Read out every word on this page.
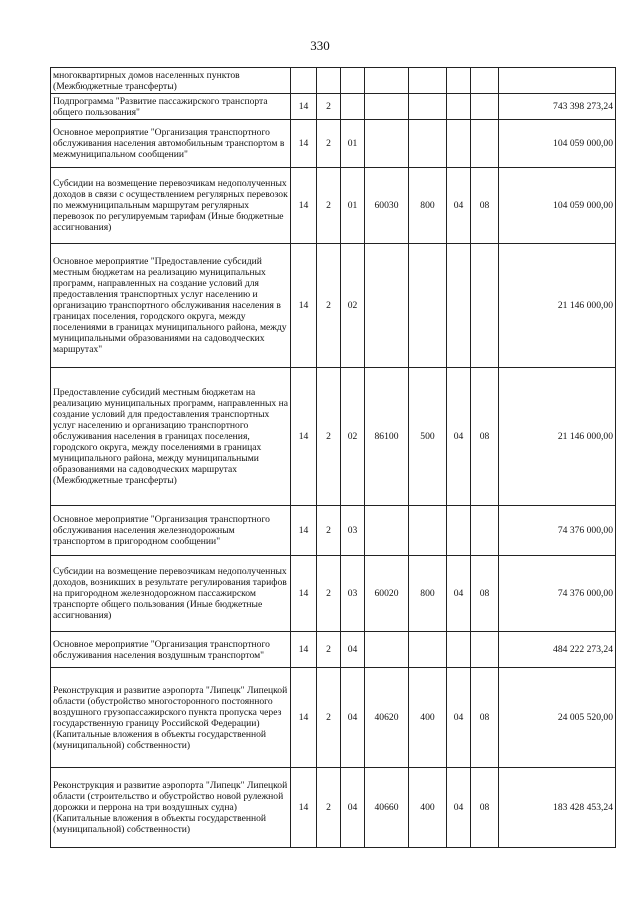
330
многоквартирных домов населенных пунктов (Межбюджетные трансферты)								
Подпрограмма "Развитие пассажирского транспорта общего пользования"	14	2						743 398 273,24
Основное мероприятие "Организация транспортного обслуживания населения автомобильным транспортом в межмуниципальном сообщении"	14	2	01					104 059 000,00
Субсидии на возмещение перевозчикам недополученных доходов в связи с осуществлением регулярных перевозок по межмуниципальным маршрутам регулярных перевозок по регулируемым тарифам (Иные бюджетные ассигнования)	14	2	01	60030	800	04	08	104 059 000,00
Основное мероприятие "Предоставление субсидий местным бюджетам на реализацию муниципальных программ, направленных на создание условий для предоставления транспортных услуг населению и организацию транспортного обслуживания населения в границах поселения, городского округа, между поселениями в границах муниципального района, между муниципальными образованиями на садоводческих маршрутах"	14	2	02					21 146 000,00
Предоставление субсидий местным бюджетам на реализацию муниципальных программ, направленных на создание условий для предоставления транспортных услуг населению и организацию транспортного обслуживания населения в границах поселения, городского округа, между поселениями в границах муниципального района, между муниципальными образованиями на садоводческих маршрутах (Межбюджетные трансферты)	14	2	02	86100	500	04	08	21 146 000,00
Основное мероприятие "Организация транспортного обслуживания населения железнодорожным транспортом в пригородном сообщении"	14	2	03					74 376 000,00
Субсидии на возмещение перевозчикам недополученных доходов, возникших в результате регулирования тарифов на пригородном железнодорожном пассажирском транспорте общего пользования (Иные бюджетные ассигнования)	14	2	03	60020	800	04	08	74 376 000,00
Основное мероприятие "Организация транспортного обслуживания населения воздушным транспортом"	14	2	04					484 222 273,24
Реконструкция и развитие аэропорта "Липецк" Липецкой области (обустройство многосторонного постоянного воздушного грузопассажирского пункта пропуска через государственную границу Российской Федерации) (Капитальные вложения в объекты государственной (муниципальной) собственности)	14	2	04	40620	400	04	08	24 005 520,00
Реконструкция и развитие аэропорта "Липецк" Липецкой области (строительство и обустройство новой рулежной дорожки и перрона на три воздушных судна) (Капитальные вложения в объекты государственной (муниципальной) собственности)	14	2	04	40660	400	04	08	183 428 453,24
